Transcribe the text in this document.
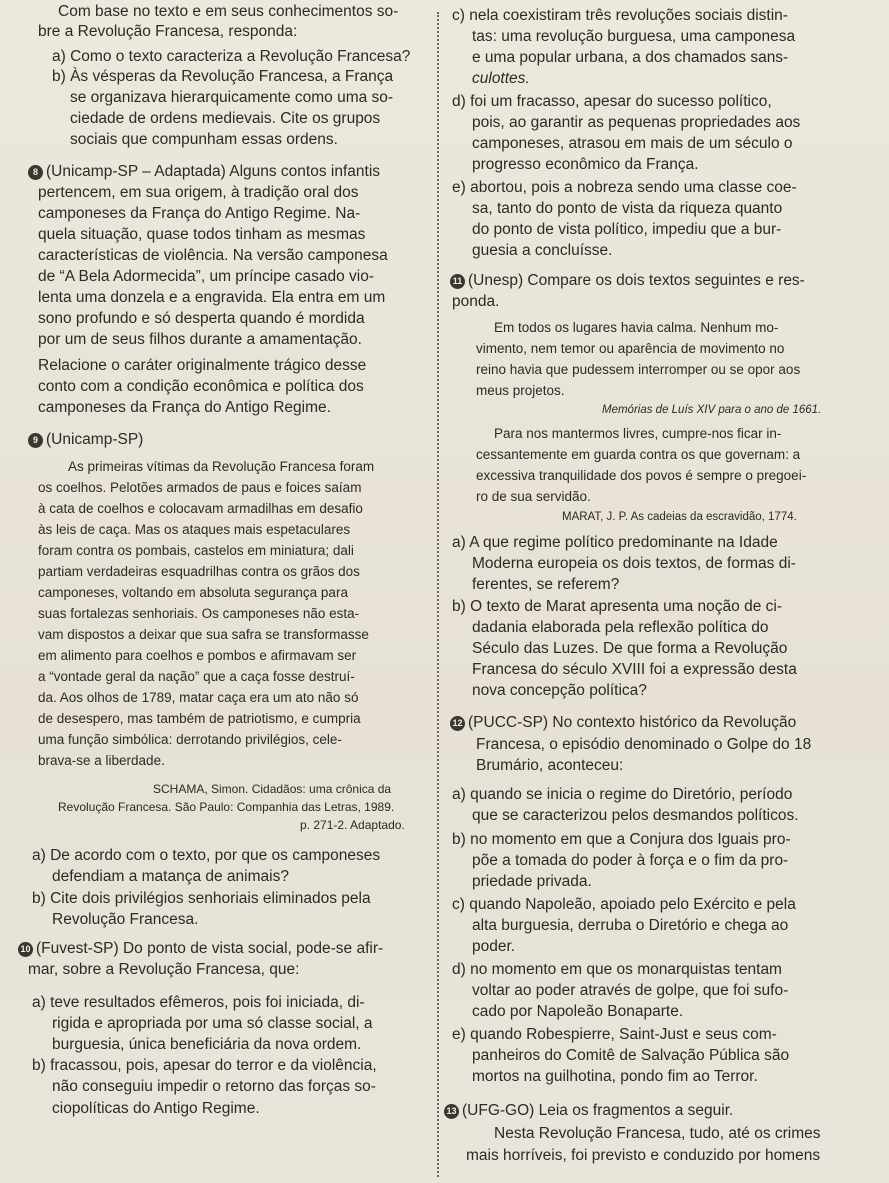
Com base no texto e em seus conhecimentos so-
bre a Revolução Francesa, responda:
a) Como o texto caracteriza a Revolução Francesa?
b) Às vésperas da Revolução Francesa, a França
se organizava hierarquicamente como uma so-
ciedade de ordens medievais. Cite os grupos
sociais que compunham essas ordens.
8 (Unicamp-SP – Adaptada) Alguns contos infantis
pertencem, em sua origem, à tradição oral dos
camponeses da França do Antigo Regime. Na-
quela situação, quase todos tinham as mesmas
características de violência. Na versão camponesa
de “A Bela Adormecida”, um príncipe casado vio-
lenta uma donzela e a engravida. Ela entra em um
sono profundo e só desperta quando é mordida
por um de seus filhos durante a amamentação.
Relacione o caráter originalmente trágico desse
conto com a condição econômica e política dos
camponeses da França do Antigo Regime.
9 (Unicamp-SP)
As primeiras vítimas da Revolução Francesa foram
os coelhos. Pelotões armados de paus e foices saíam
à cata de coelhos e colocavam armadilhas em desafio
às leis de caça. Mas os ataques mais espetaculares
foram contra os pombais, castelos em miniatura; dali
partiam verdadeiras esquadrilhas contra os grãos dos
camponeses, voltando em absoluta segurança para
suas fortalezas senhoriais. Os camponeses não esta-
vam dispostos a deixar que sua safra se transformasse
em alimento para coelhos e pombos e afirmavam ser
a “vontade geral da nação” que a caça fosse destruí-
da. Aos olhos de 1789, matar caça era um ato não só
de desespero, mas também de patriotismo, e cumpria
uma função simbólica: derrotando privilégios, cele-
brava-se a liberdade.
SCHAMA, Simon. Cidadãos: uma crônica da
Revolução Francesa. São Paulo: Companhia das Letras, 1989.
p. 271-2. Adaptado.
a) De acordo com o texto, por que os camponeses
defendiam a matança de animais?
b) Cite dois privilégios senhoriais eliminados pela
Revolução Francesa.
10 (Fuvest-SP) Do ponto de vista social, pode-se afir-
mar, sobre a Revolução Francesa, que:
a) teve resultados efêmeros, pois foi iniciada, di-
rigida e apropriada por uma só classe social, a
burguesia, única beneficiária da nova ordem.
b) fracassou, pois, apesar do terror e da violência,
não conseguiu impedir o retorno das forças so-
ciopolíticas do Antigo Regime.
c) nela coexistiram três revoluções sociais distin-
tas: uma revolução burguesa, uma camponesa
e uma popular urbana, a dos chamados sans-
culottes.
d) foi um fracasso, apesar do sucesso político,
pois, ao garantir as pequenas propriedades aos
camponeses, atrasou em mais de um século o
progresso econômico da França.
e) abortou, pois a nobreza sendo uma classe coe-
sa, tanto do ponto de vista da riqueza quanto
do ponto de vista político, impediu que a bur-
guesia a concluísse.
11 (Unesp) Compare os dois textos seguintes e res-
ponda.
Em todos os lugares havia calma. Nenhum mo-
vimento, nem temor ou aparência de movimento no
reino havia que pudessem interromper ou se opor aos
meus projetos.
Memórias de Luís XIV para o ano de 1661.
Para nos mantermos livres, cumpre-nos ficar in-
cessantemente em guarda contra os que governam: a
excessiva tranquilidade dos povos é sempre o pregoei-
ro de sua servidão.
MARAT, J. P. As cadeias da escravidão, 1774.
a) A que regime político predominante na Idade
Moderna europeia os dois textos, de formas di-
ferentes, se referem?
b) O texto de Marat apresenta uma noção de ci-
dadania elaborada pela reflexão política do
Século das Luzes. De que forma a Revolução
Francesa do século XVIII foi a expressão desta
nova concepção política?
12 (PUCC-SP) No contexto histórico da Revolução
Francesa, o episódio denominado o Golpe do 18
Brumário, aconteceu:
a) quando se inicia o regime do Diretório, período
que se caracterizou pelos desmandos políticos.
b) no momento em que a Conjura dos Iguais pro-
põe a tomada do poder à força e o fim da pro-
priedade privada.
c) quando Napoleão, apoiado pelo Exército e pela
alta burguesia, derruba o Diretório e chega ao
poder.
d) no momento em que os monarquistas tentam
voltar ao poder através de golpe, que foi sufo-
cado por Napoleão Bonaparte.
e) quando Robespierre, Saint-Just e seus com-
panheiros do Comitê de Salvação Pública são
mortos na guilhotina, pondo fim ao Terror.
13 (UFG-GO) Leia os fragmentos a seguir.
Nesta Revolução Francesa, tudo, até os crimes
mais horríveis, foi previsto e conduzido por homens
